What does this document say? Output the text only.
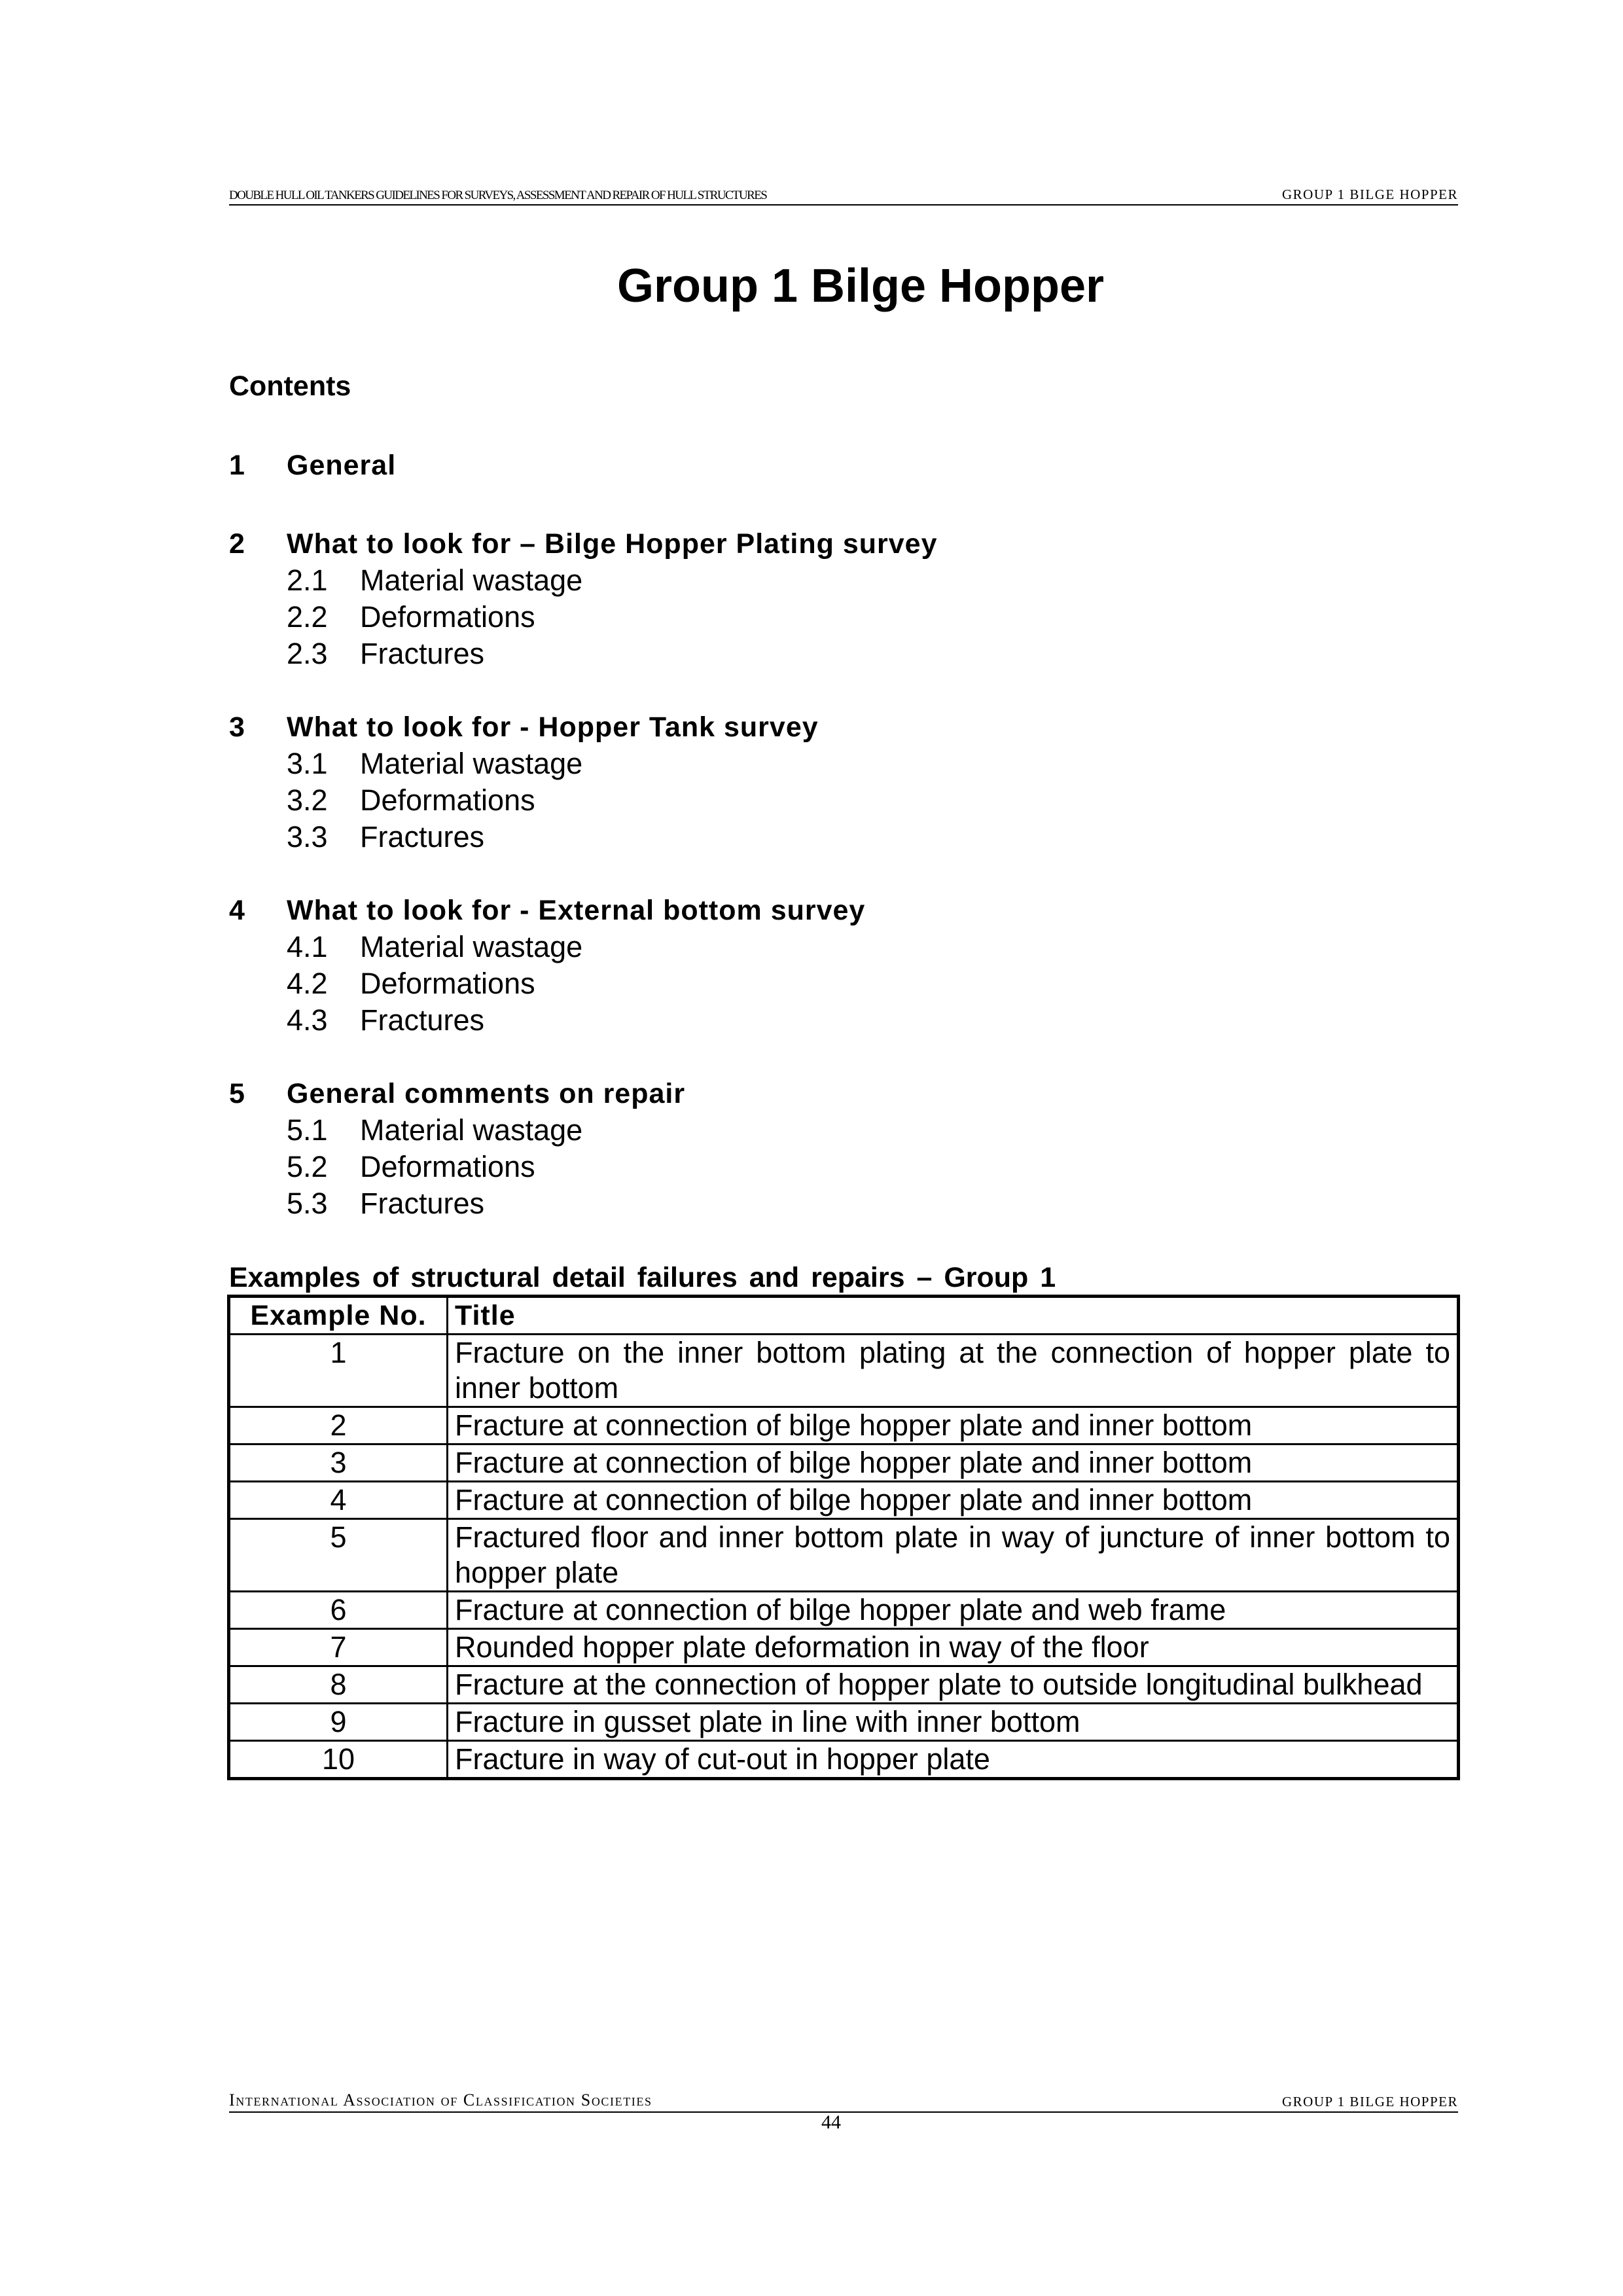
DOUBLE HULL OIL TANKERS GUIDELINES FOR SURVEYS, ASSESSMENT AND REPAIR OF HULL STRUCTURES	GROUP 1 BILGE HOPPER
Group 1 Bilge Hopper
Contents
1 General
2 What to look for – Bilge Hopper Plating survey
2.1 Material wastage
2.2 Deformations
2.3 Fractures
3 What to look for - Hopper Tank survey
3.1 Material wastage
3.2 Deformations
3.3 Fractures
4 What to look for - External bottom survey
4.1 Material wastage
4.2 Deformations
4.3 Fractures
5 General comments on repair
5.1 Material wastage
5.2 Deformations
5.3 Fractures
Examples of structural detail failures and repairs – Group 1
Example No.	Title
1	Fracture on the inner bottom plating at the connection of hopper plate to inner bottom
2	Fracture at connection of bilge hopper plate and inner bottom
3	Fracture at connection of bilge hopper plate and inner bottom
4	Fracture at connection of bilge hopper plate and inner bottom
5	Fractured floor and inner bottom plate in way of juncture of inner bottom to hopper plate
6	Fracture at connection of bilge hopper plate and web frame
7	Rounded hopper plate deformation in way of the floor
8	Fracture at the connection of hopper plate to outside longitudinal bulkhead
9	Fracture in gusset plate in line with inner bottom
10	Fracture in way of cut-out in hopper plate
International Association of Classification Societies	GROUP 1 BILGE HOPPER
44
